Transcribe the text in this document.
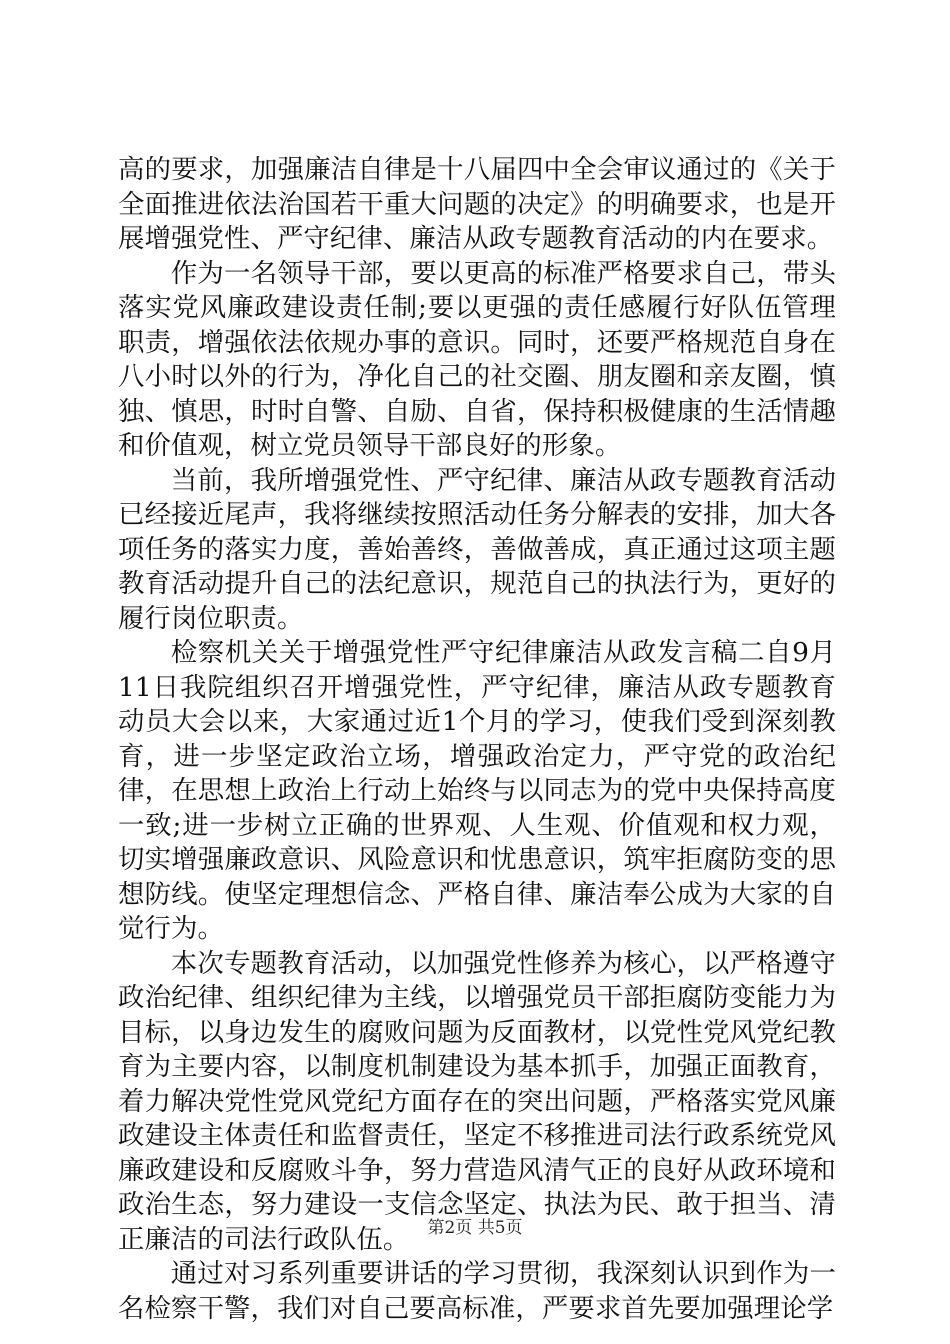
高的要求，加强廉洁自律是十八届四中全会审议通过的《关于全面推进依法治国若干重大问题的决定》的明确要求，也是开展增强党性、严守纪律、廉洁从政专题教育活动的内在要求。

作为一名领导干部，要以更高的标准严格要求自己，带头落实党风廉政建设责任制;要以更强的责任感履行好队伍管理职责，增强依法依规办事的意识。同时，还要严格规范自身在八小时以外的行为，净化自己的社交圈、朋友圈和亲友圈，慎独、慎思，时时自警、自励、自省，保持积极健康的生活情趣和价值观，树立党员领导干部良好的形象。

当前，我所增强党性、严守纪律、廉洁从政专题教育活动已经接近尾声，我将继续按照活动任务分解表的安排，加大各项任务的落实力度，善始善终，善做善成，真正通过这项主题教育活动提升自己的法纪意识，规范自己的执法行为，更好的履行岗位职责。

检察机关关于增强党性严守纪律廉洁从政发言稿二自9月11日我院组织召开增强党性，严守纪律，廉洁从政专题教育动员大会以来，大家通过近1个月的学习，使我们受到深刻教育，进一步坚定政治立场，增强政治定力，严守党的政治纪律，在思想上政治上行动上始终与以同志为的党中央保持高度一致;进一步树立正确的世界观、人生观、价值观和权力观，切实增强廉政意识、风险意识和忧患意识，筑牢拒腐防变的思想防线。使坚定理想信念、严格自律、廉洁奉公成为大家的自觉行为。

本次专题教育活动，以加强党性修养为核心，以严格遵守政治纪律、组织纪律为主线，以增强党员干部拒腐防变能力为目标，以身边发生的腐败问题为反面教材，以党性党风党纪教育为主要内容，以制度机制建设为基本抓手，加强正面教育，着力解决党性党风党纪方面存在的突出问题，严格落实党风廉政建设主体责任和监督责任，坚定不移推进司法行政系统党风廉政建设和反腐败斗争，努力营造风清气正的良好从政环境和政治生态，努力建设一支信念坚定、执法为民、敢于担当、清正廉洁的司法行政队伍。

通过对习系列重要讲话的学习贯彻，我深刻认识到作为一名检察干警，我们对自己要高标准，严要求首先要加强理论学

第2页 共5页
